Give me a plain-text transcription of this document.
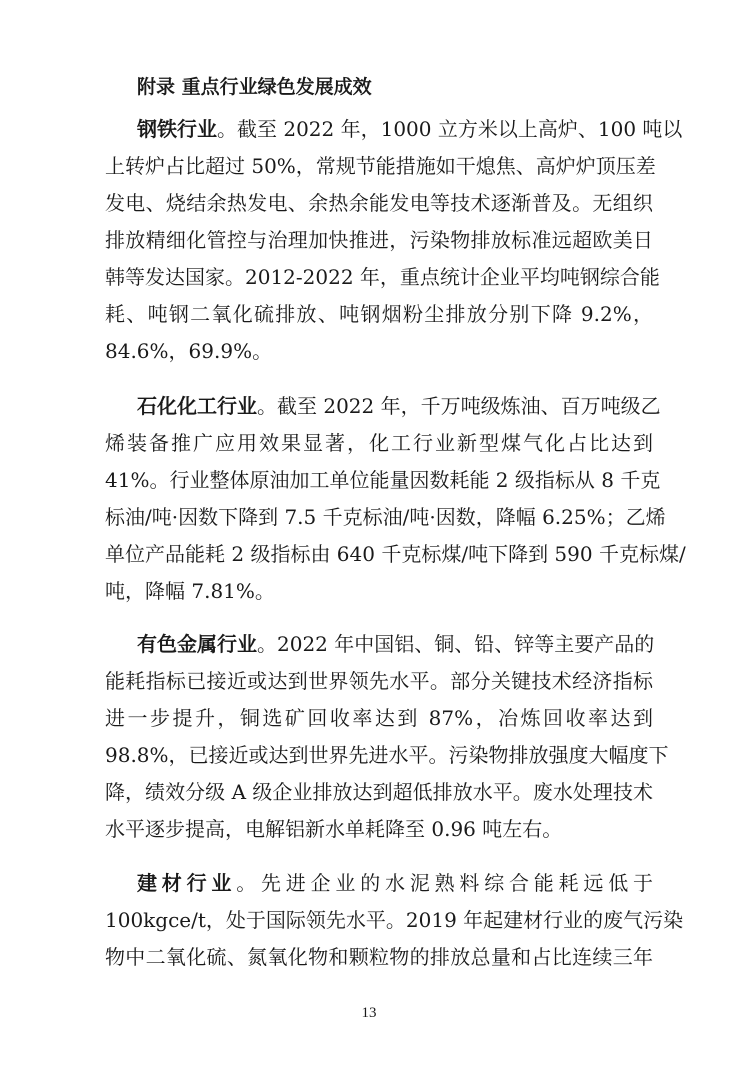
附录 重点行业绿色发展成效
钢铁行业。截至 2022 年，1000 立方米以上高炉、100 吨以
上转炉占比超过 50%，常规节能措施如干熄焦、高炉炉顶压差
发电、烧结余热发电、余热余能发电等技术逐渐普及。无组织
排放精细化管控与治理加快推进，污染物排放标准远超欧美日
韩等发达国家。2012-2022 年，重点统计企业平均吨钢综合能
耗、吨钢二氧化硫排放、吨钢烟粉尘排放分别下降 9.2%，
84.6%，69.9%。
石化化工行业。截至 2022 年，千万吨级炼油、百万吨级乙
烯装备推广应用效果显著，化工行业新型煤气化占比达到
41%。行业整体原油加工单位能量因数耗能 2 级指标从 8 千克
标油/吨·因数下降到 7.5 千克标油/吨·因数，降幅 6.25%；乙烯
单位产品能耗 2 级指标由 640 千克标煤/吨下降到 590 千克标煤/
吨，降幅 7.81%。
有色金属行业。2022 年中国铝、铜、铅、锌等主要产品的
能耗指标已接近或达到世界领先水平。部分关键技术经济指标
进一步提升，铜选矿回收率达到 87%，冶炼回收率达到
98.8%，已接近或达到世界先进水平。污染物排放强度大幅度下
降，绩效分级 A 级企业排放达到超低排放水平。废水处理技术
水平逐步提高，电解铝新水单耗降至 0.96 吨左右。
建材行业。先进企业的水泥熟料综合能耗远低于
100kgce/t，处于国际领先水平。2019 年起建材行业的废气污染
物中二氧化硫、氮氧化物和颗粒物的排放总量和占比连续三年
13
